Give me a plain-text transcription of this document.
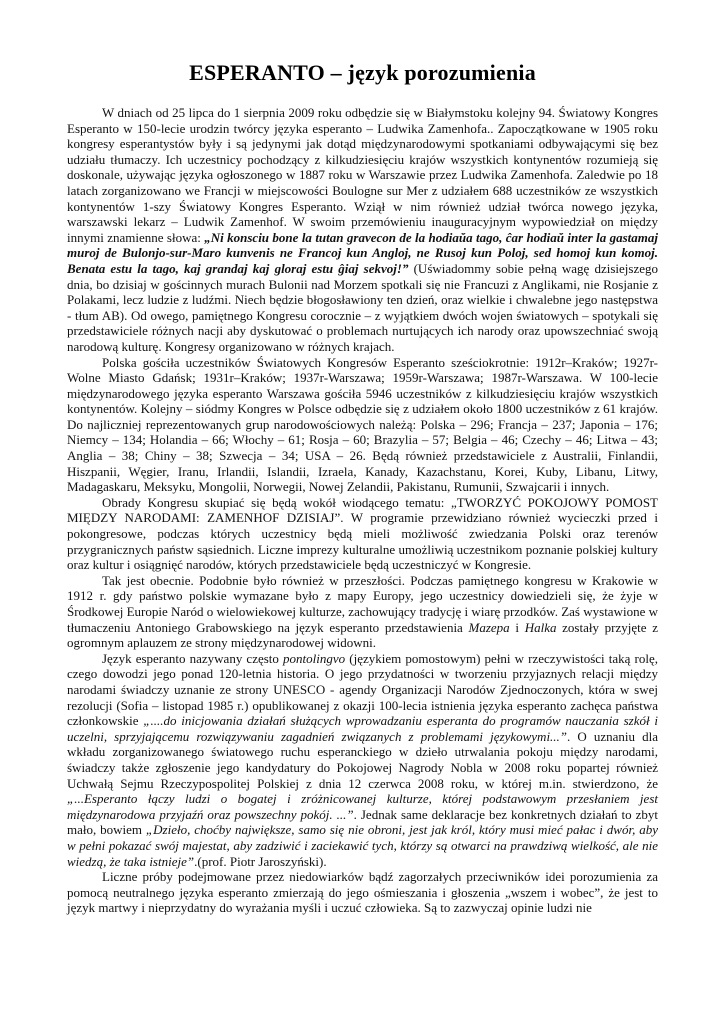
ESPERANTO – język porozumienia

W dniach od 25 lipca do 1 sierpnia 2009 roku odbędzie się w Białymstoku kolejny 94. Światowy Kongres Esperanto w 150-lecie urodzin twórcy języka esperanto – Ludwika Zamenhofa.. Zapoczątkowane w 1905 roku kongresy esperantystów były i są jedynymi jak dotąd międzynarodowymi spotkaniami odbywającymi się bez udziału tłumaczy. Ich uczestnicy pochodzący z kilkudziesięciu krajów wszystkich kontynentów rozumieją się doskonale, używając języka ogłoszonego w 1887 roku w Warszawie przez Ludwika Zamenhofa. Zaledwie po 18 latach zorganizowano we Francji w miejscowości Boulogne sur Mer z udziałem 688 uczestników ze wszystkich kontynentów 1-szy Światowy Kongres Esperanto. Wziął w nim również udział twórca nowego języka, warszawski lekarz – Ludwik Zamenhof. W swoim przemówieniu inauguracyjnym wypowiedział on między innymi znamienne słowa: „Ni konsciu bone la tutan gravecon de la hodiaŭa tago, ĉar hodiaŭ inter la gastamaj muroj de Bulonjo-sur-Maro kunvenis ne Francoj kun Angloj, ne Rusoj kun Poloj, sed homoj kun komoj. Benata estu la tago, kaj grandaj kaj gloraj estu ĝiaj sekvoj!” (Uświadommy sobie pełną wagę dzisiejszego dnia, bo dzisiaj w gościnnych murach Bulonii nad Morzem spotkali się nie Francuzi z Anglikami, nie Rosjanie z Polakami, lecz ludzie z ludźmi. Niech będzie błogosławiony ten dzień, oraz wielkie i chwalebne jego następstwa - tłum AB). Od owego, pamiętnego Kongresu corocznie – z wyjątkiem dwóch wojen światowych – spotykali się przedstawiciele różnych nacji aby dyskutować o problemach nurtujących ich narody oraz upowszechniać swoją narodową kulturę. Kongresy organizowano w różnych krajach.

Polska gościła uczestników Światowych Kongresów Esperanto sześciokrotnie: 1912r–Kraków; 1927r-Wolne Miasto Gdańsk; 1931r–Kraków; 1937r-Warszawa; 1959r-Warszawa; 1987r-Warszawa. W 100-lecie międzynarodowego języka esperanto Warszawa gościła 5946 uczestników z kilkudziesięciu krajów wszystkich kontynentów. Kolejny – siódmy Kongres w Polsce odbędzie się z udziałem około 1800 uczestników z 61 krajów. Do najliczniej reprezentowanych grup narodowościowych należą: Polska – 296; Francja – 237; Japonia – 176; Niemcy – 134; Holandia – 66; Włochy – 61; Rosja – 60; Brazylia – 57; Belgia – 46; Czechy – 46; Litwa – 43; Anglia – 38; Chiny – 38; Szwecja – 34; USA – 26. Będą również przedstawiciele z Australii, Finlandii, Hiszpanii, Węgier, Iranu, Irlandii, Islandii, Izraela, Kanady, Kazachstanu, Korei, Kuby, Libanu, Litwy, Madagaskaru, Meksyku, Mongolii, Norwegii, Nowej Zelandii, Pakistanu, Rumunii, Szwajcarii i innych.

Obrady Kongresu skupiać się będą wokół wiodącego tematu: „TWORZYĆ POKOJOWY POMOST MIĘDZY NARODAMI: ZAMENHOF DZISIAJ”. W programie przewidziano również wycieczki przed i pokongresowe, podczas których uczestnicy będą mieli możliwość zwiedzania Polski oraz terenów przygranicznych państw sąsiednich. Liczne imprezy kulturalne umożliwią uczestnikom poznanie polskiej kultury oraz kultur i osiągnięć narodów, których przedstawiciele będą uczestniczyć w Kongresie.

Tak jest obecnie. Podobnie było również w przeszłości. Podczas pamiętnego kongresu w Krakowie w 1912 r. gdy państwo polskie wymazane było z mapy Europy, jego uczestnicy dowiedzieli się, że żyje w Środkowej Europie Naród o wielowiekowej kulturze, zachowujący tradycję i wiarę przodków. Zaś wystawione w tłumaczeniu Antoniego Grabowskiego na język esperanto przedstawienia Mazepa i Halka zostały przyjęte z ogromnym aplauzem ze strony międzynarodowej widowni.

Język esperanto nazywany często pontolingvo (językiem pomostowym) pełni w rzeczywistości taką rolę, czego dowodzi jego ponad 120-letnia historia. O jego przydatności w tworzeniu przyjaznych relacji między narodami świadczy uznanie ze strony UNESCO - agendy Organizacji Narodów Zjednoczonych, która w swej rezolucji (Sofia – listopad 1985 r.) opublikowanej z okazji 100-lecia istnienia języka esperanto zachęca państwa członkowskie „....do inicjowania działań służących wprowadzaniu esperanta do programów nauczania szkół i uczelni, sprzyjającemu rozwiązywaniu zagadnień związanych z problemami językowymi...”. O uznaniu dla wkładu zorganizowanego światowego ruchu esperanckiego w dzieło utrwalania pokoju między narodami, świadczy także zgłoszenie jego kandydatury do Pokojowej Nagrody Nobla w 2008 roku popartej również Uchwałą Sejmu Rzeczypospolitej Polskiej z dnia 12 czerwca 2008 roku, w której m.in. stwierdzono, że „...Esperanto łączy ludzi o bogatej i zróżnicowanej kulturze, której podstawowym przesłaniem jest międzynarodowa przyjaźń oraz powszechny pokój. ...”. Jednak same deklaracje bez konkretnych działań to zbyt mało, bowiem „Dzieło, choćby największe, samo się nie obroni, jest jak król, który musi mieć pałac i dwór, aby w pełni pokazać swój majestat, aby zadziwić i zaciekawić tych, którzy są otwarci na prawdziwą wielkość, ale nie wiedzą, że taka istnieje”.(prof. Piotr Jaroszyński).

Liczne próby podejmowane przez niedowiarków bądź zagorzałych przeciwników idei porozumienia za pomocą neutralnego języka esperanto zmierzają do jego ośmieszania i głoszenia „wszem i wobec”, że jest to język martwy i nieprzydatny do wyrażania myśli i uczuć człowieka. Są to zazwyczaj opinie ludzi nie
